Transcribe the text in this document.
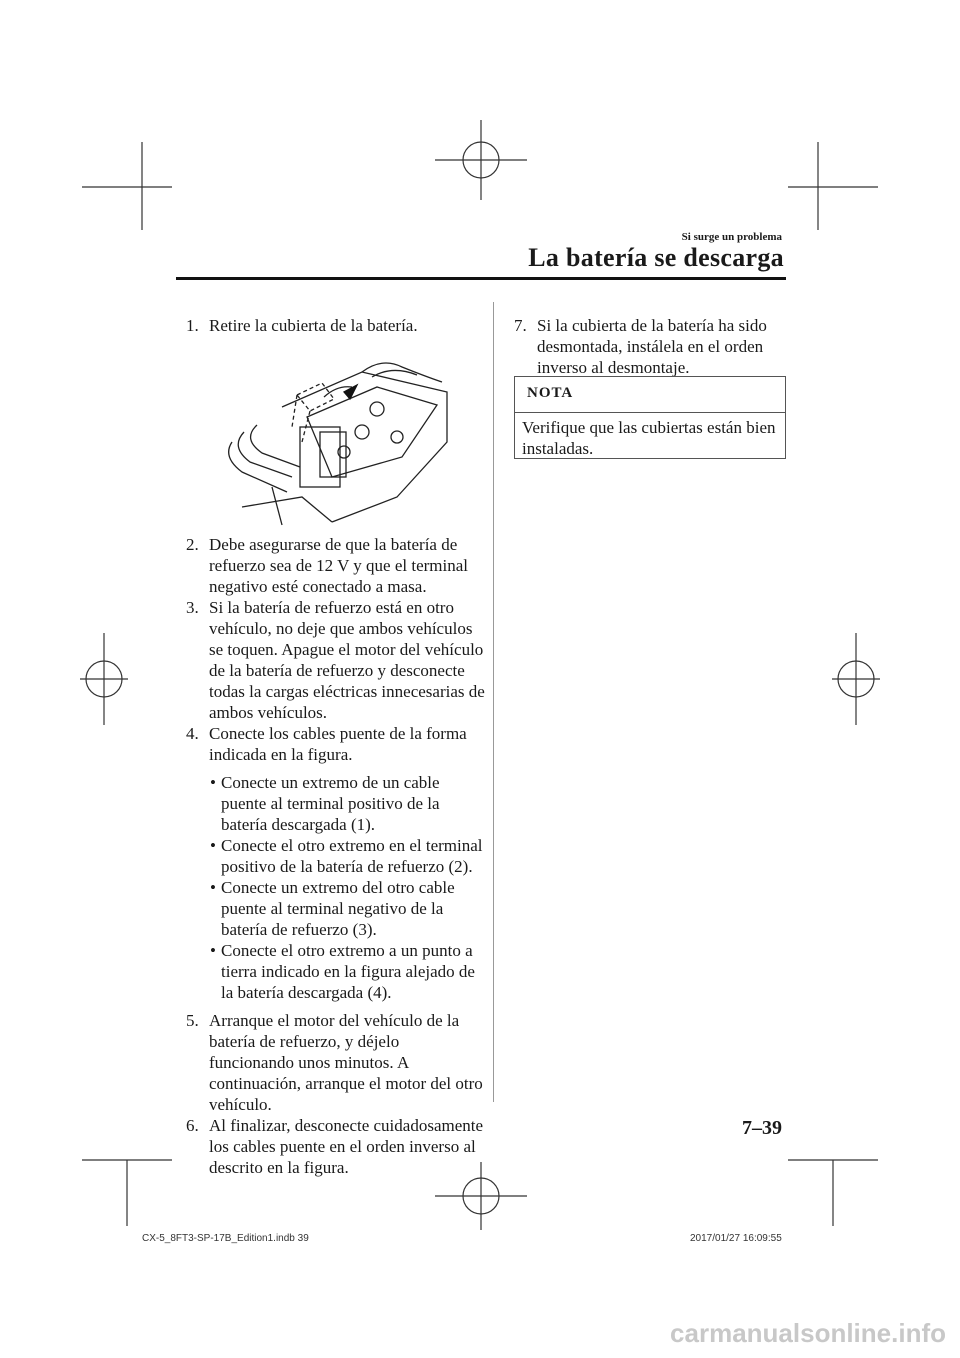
Si surge un problema
La batería se descarga

1. Retire la cubierta de la batería.

2. Debe asegurarse de que la batería de refuerzo sea de 12 V y que el terminal negativo esté conectado a masa.

3. Si la batería de refuerzo está en otro vehículo, no deje que ambos vehículos se toquen. Apague el motor del vehículo de la batería de refuerzo y desconecte todas la cargas eléctricas innecesarias de ambos vehículos.

4. Conecte los cables puente de la forma indicada en la figura.

• Conecte un extremo de un cable puente al terminal positivo de la batería descargada (1).
• Conecte el otro extremo en el terminal positivo de la batería de refuerzo (2).
• Conecte un extremo del otro cable puente al terminal negativo de la batería de refuerzo (3).
• Conecte el otro extremo a un punto a tierra indicado en la figura alejado de la batería descargada (4).

5. Arranque el motor del vehículo de la batería de refuerzo, y déjelo funcionando unos minutos. A continuación, arranque el motor del otro vehículo.

6. Al finalizar, desconecte cuidadosamente los cables puente en el orden inverso al descrito en la figura.

7. Si la cubierta de la batería ha sido desmontada, instálela en el orden inverso al desmontaje.

NOTA
Verifique que las cubiertas están bien instaladas.
7–39
CX-5_8FT3-SP-17B_Edition1.indb 39	2017/01/27 16:09:55
carmanualsonline.info
